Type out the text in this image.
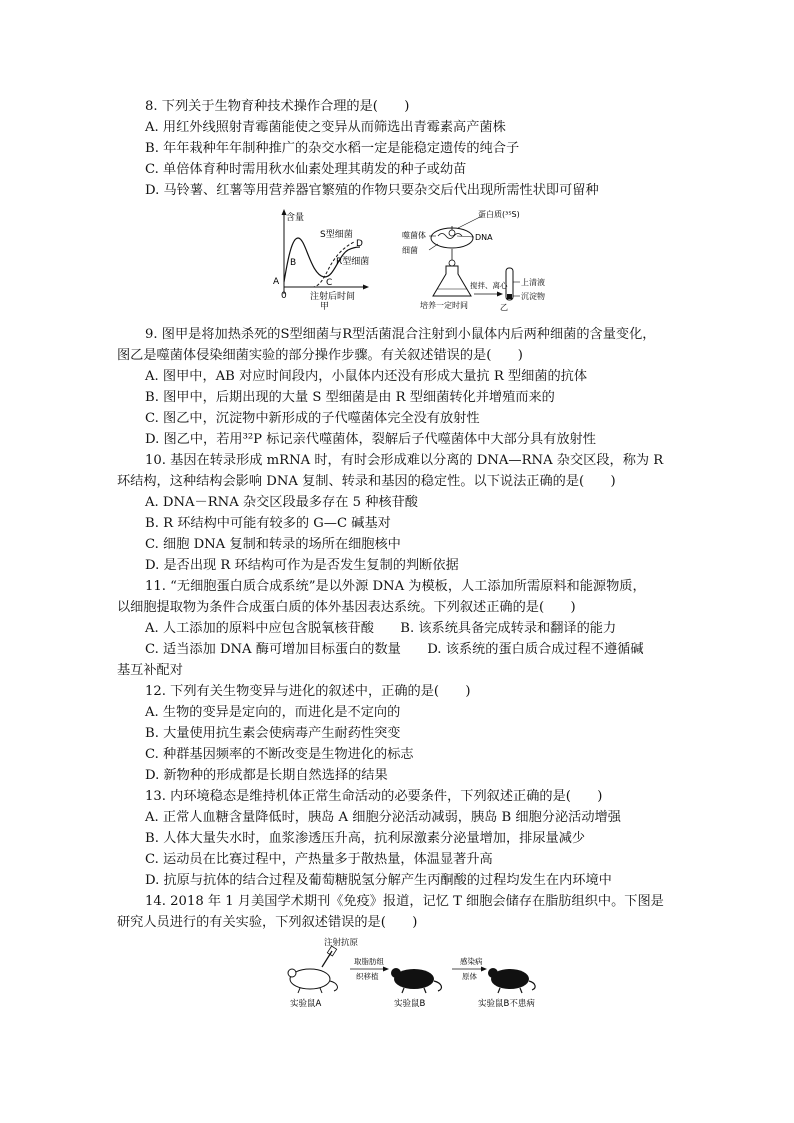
8. 下列关于生物育种技术操作合理的是(　　)
A. 用红外线照射青霉菌能使之变异从而筛选出青霉素高产菌株
B. 年年栽种年年制种推广的杂交水稻一定是能稳定遗传的纯合子
C. 单倍体育种时需用秋水仙素处理其萌发的种子或幼苗
D. 马铃薯、红薯等用营养器官繁殖的作物只要杂交后代出现所需性状即可留种
含量
S型细菌
D
B	R型细菌
A	C
0	注射后时间
甲
蛋白质(³⁵S)
噬菌体	DNA
细菌
培养一定时间
搅拌、离心 上清液
沉淀物
乙
9. 图甲是将加热杀死的S型细菌与R型活菌混合注射到小鼠体内后两种细菌的含量变化，
图乙是噬菌体侵染细菌实验的部分操作步骤。有关叙述错误的是(　　)
A. 图甲中，AB 对应时间段内，小鼠体内还没有形成大量抗 R 型细菌的抗体
B. 图甲中，后期出现的大量 S 型细菌是由 R 型细菌转化并增殖而来的
C. 图乙中，沉淀物中新形成的子代噬菌体完全没有放射性
D. 图乙中，若用³²P 标记亲代噬菌体，裂解后子代噬菌体中大部分具有放射性
10. 基因在转录形成 mRNA 时，有时会形成难以分离的 DNA—RNA 杂交区段，称为 R
环结构，这种结构会影响 DNA 复制、转录和基因的稳定性。以下说法正确的是(　　)
A. DNA－RNA 杂交区段最多存在 5 种核苷酸
B. R 环结构中可能有较多的 G—C 碱基对
C. 细胞 DNA 复制和转录的场所在细胞核中
D. 是否出现 R 环结构可作为是否发生复制的判断依据
11. “无细胞蛋白质合成系统”是以外源 DNA 为模板，人工添加所需原料和能源物质，
以细胞提取物为条件合成蛋白质的体外基因表达系统。下列叙述正确的是(　　)
A. 人工添加的原料中应包含脱氧核苷酸　　B. 该系统具备完成转录和翻译的能力
C. 适当添加 DNA 酶可增加目标蛋白的数量　　D. 该系统的蛋白质合成过程不遵循碱
基互补配对
12. 下列有关生物变异与进化的叙述中，正确的是(　　)
A. 生物的变异是定向的，而进化是不定向的
B. 大量使用抗生素会使病毒产生耐药性突变
C. 种群基因频率的不断改变是生物进化的标志
D. 新物种的形成都是长期自然选择的结果
13. 内环境稳态是维持机体正常生命活动的必要条件，下列叙述正确的是(　　)
A. 正常人血糖含量降低时，胰岛 A 细胞分泌活动减弱，胰岛 B 细胞分泌活动增强
B. 人体大量失水时，血浆渗透压升高，抗利尿激素分泌量增加，排尿量减少
C. 运动员在比赛过程中，产热量多于散热量，体温显著升高
D. 抗原与抗体的结合过程及葡萄糖脱氢分解产生丙酮酸的过程均发生在内环境中
14. 2018 年 1 月美国学术期刊《免疫》报道，记忆 T 细胞会储存在脂肪组织中。下图是
研究人员进行的有关实验，下列叙述错误的是(　　)
注射抗原
实验鼠A
取脂肪组
织移植
实验鼠B
感染病
原体
实验鼠B不患病
